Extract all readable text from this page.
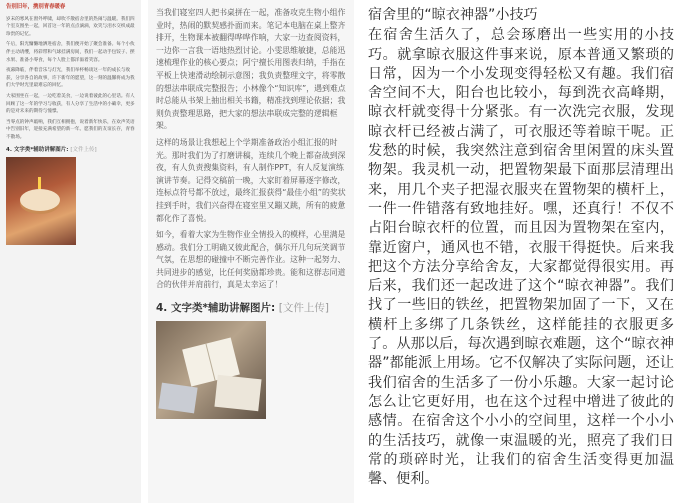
告别旧年，携别青春暖春

岁末的寒风在窗外呼啸，却吹不散宿舍里的热闹与温暖。我们四个室友围坐一起，回首这一年的点点滴滴，欢笑与泪水交织成最珍贵的记忆。

午后，阳光慵懒地洒进宿舍，我们便开始了聚会准备。每个小伙伴主动请缨，将彩带和气球挂满房间，我们一起动手包饺子、摆水果、准备小零食，每个人脸上都洋溢着笑容。

夜幕降临，伴着音乐与灯光，我们举杯畅谈这一年的成长与收获，分享各自的故事，许下新年的愿望，这一刻的温馨将成为我们大学时光里最难忘的回忆。

大家围坐在一起，一边吃着美食，一边说着彼此的心里话。有人回顾了这一年的学习与收获，有人分享了生活中的小确幸，更多的是对未来的期待与憧憬。

当零点的钟声敲响，我们互相拥抱，说着新年快乐，在欢声笑语中告别旧年，迎接充满希望的新一年。愿我们的友谊长存，青春不散场。

4. 文字类*辅助讲解图片: [文件上传]

当我们寝室四人把书桌拼在一起，准备攻克生物小组作业时，热闹的默契感扑面而来。笔记本电脑在桌上整齐排开，生物课本被翻得哗哗作响，大家一边查阅资料，一边你一言我一语地热烈讨论。小雯思维敏捷，总能迅速梳理作业的核心要点；阿宁擅长用图表归纳，手指在平板上快速滑动绘制示意图；我负责整理文字，将零散的想法串联成完整报告；小林像个“知识库”，遇到难点时总能从书架上抽出相关书籍，精准找到理论依据；我则负责整理思路，把大家的想法串联成完整的逻辑框架。

这样的场景让我想起上个学期准备政治小组汇报的时光。那时我们为了打磨讲稿，连续几个晚上都奋战到深夜，有人负责搜集资料，有人制作PPT，有人反复演练演讲节奏。记得交稿前一晚，大家盯着屏幕逐字修改，连标点符号都不放过，最终汇报获得“最佳小组”的奖状挂到手时，我们兴奋得在寝室里又蹦又跳，所有的疲惫都化作了喜悦。

如今，看着大家为生物作业全情投入的模样，心里满是感动。我们分工明确又彼此配合，偶尔开几句玩笑调节气氛，在思想的碰撞中不断完善作业。这种一起努力、共同进步的感觉，比任何奖励都珍贵。能和这群志同道合的伙伴并肩前行，真是太幸运了！

4. 文字类*辅助讲解图片: [文件上传]

宿舍里的“晾衣神器”小技巧

在宿舍生活久了，总会琢磨出一些实用的小技巧。就拿晾衣服这件事来说，原本普通又繁琐的日常，因为一个小发现变得轻松又有趣。我们宿舍空间不大，阳台也比较小，每到洗衣高峰期，晾衣杆就变得十分紧张。有一次洗完衣服，发现晾衣杆已经被占满了，可衣服还等着晾干呢。正发愁的时候，我突然注意到宿舍里闲置的床头置物架。我灵机一动，把置物架最下面那层清理出来，用几个夹子把湿衣服夹在置物架的横杆上，一件一件错落有致地挂好。嘿，还真行！不仅不占阳台晾衣杆的位置，而且因为置物架在室内，靠近窗户，通风也不错，衣服干得挺快。后来我把这个方法分享给舍友，大家都觉得很实用。再后来，我们还一起改进了这个“晾衣神器”。我们找了一些旧的铁丝，把置物架加固了一下，又在横杆上多绑了几条铁丝，这样能挂的衣服更多了。从那以后，每次遇到晾衣难题，这个“晾衣神器”都能派上用场。它不仅解决了实际问题，还让我们宿舍的生活多了一份小乐趣。大家一起讨论怎么让它更好用，也在这个过程中增进了彼此的感情。在宿舍这个小小的空间里，这样一个小小的生活技巧，就像一束温暖的光，照亮了我们日常的琐碎时光，让我们的宿舍生活变得更加温馨、便利。
